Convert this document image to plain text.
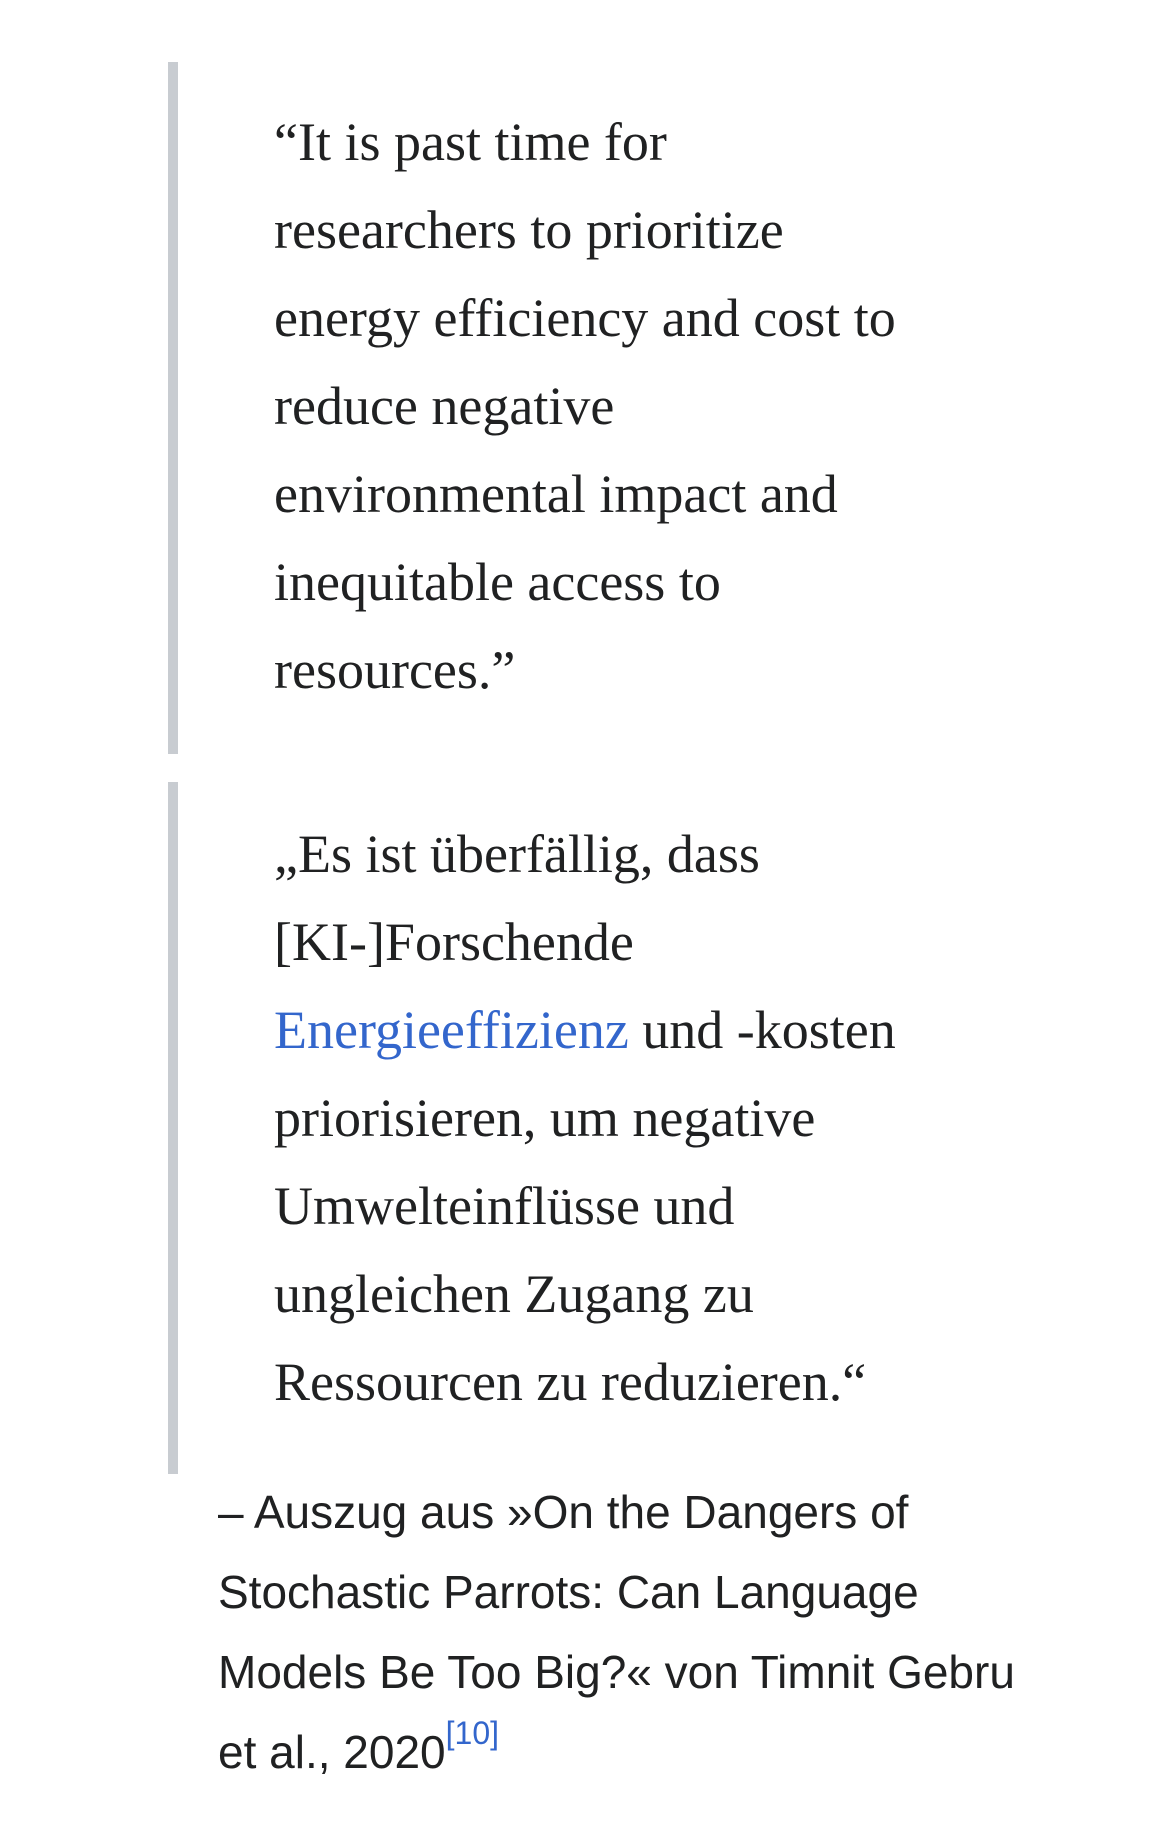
“It is past time for researchers to prioritize energy efficiency and cost to reduce negative environmental impact and inequitable access to resources.”

„Es ist überfällig, dass [KI-]Forschende Energieeffizienz und -kosten priorisieren, um negative Umwelteinflüsse und ungleichen Zugang zu Ressourcen zu reduzieren.“

– Auszug aus »On the Dangers of Stochastic Parrots: Can Language Models Be Too Big?« von Timnit Gebru et al., 2020[10]
